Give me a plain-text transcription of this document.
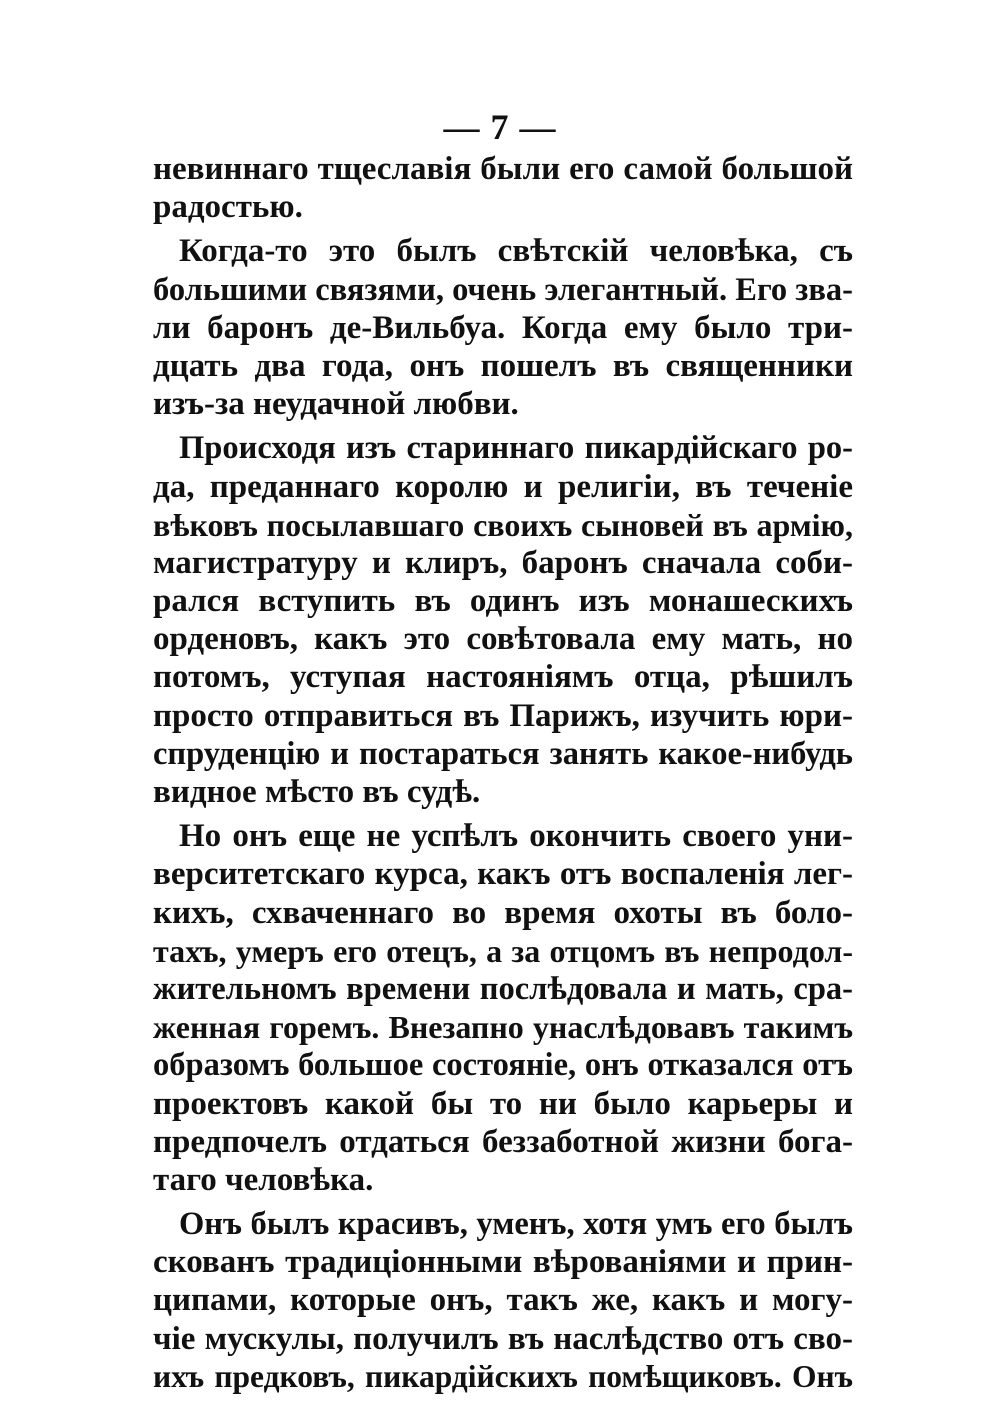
— 7 —
невиннаго тщеславія были его самой большой
радостью.
Когда-то это былъ свѣтскій человѣка, съ
большими связями, очень элегантный. Его зва-
ли баронъ де-Вильбуа. Когда ему было три-
дцать два года, онъ пошелъ въ священники
изъ-за неудачной любви.
Происходя изъ стариннаго пикардійскаго ро-
да, преданнаго королю и религіи, въ теченіе
вѣковъ посылавшаго своихъ сыновей въ армію,
магистратуру и клиръ, баронъ сначала соби-
рался вступить въ одинъ изъ монашескихъ
орденовъ, какъ это совѣтовала ему мать, но
потомъ, уступая настояніямъ отца, рѣшилъ
просто отправиться въ Парижъ, изучить юри-
спруденцію и постараться занять какое-нибудь
видное мѣсто въ судѣ.
Но онъ еще не успѣлъ окончить своего уни-
верситетскаго курса, какъ отъ воспаленія лег-
кихъ, схваченнаго во время охоты въ боло-
тахъ, умеръ его отецъ, а за отцомъ въ непродол-
жительномъ времени послѣдовала и мать, сра-
женная горемъ. Внезапно унаслѣдовавъ такимъ
образомъ большое состояніе, онъ отказался отъ
проектовъ какой бы то ни было карьеры и
предпочелъ отдаться беззаботной жизни бога-
таго человѣка.
Онъ былъ красивъ, уменъ, хотя умъ его былъ
скованъ традиціонными вѣрованіями и прин-
ципами, которые онъ, такъ же, какъ и могу-
чіе мускулы, получилъ въ наслѣдство отъ сво-
ихъ предковъ, пикардійскихъ помѣщиковъ. Онъ
